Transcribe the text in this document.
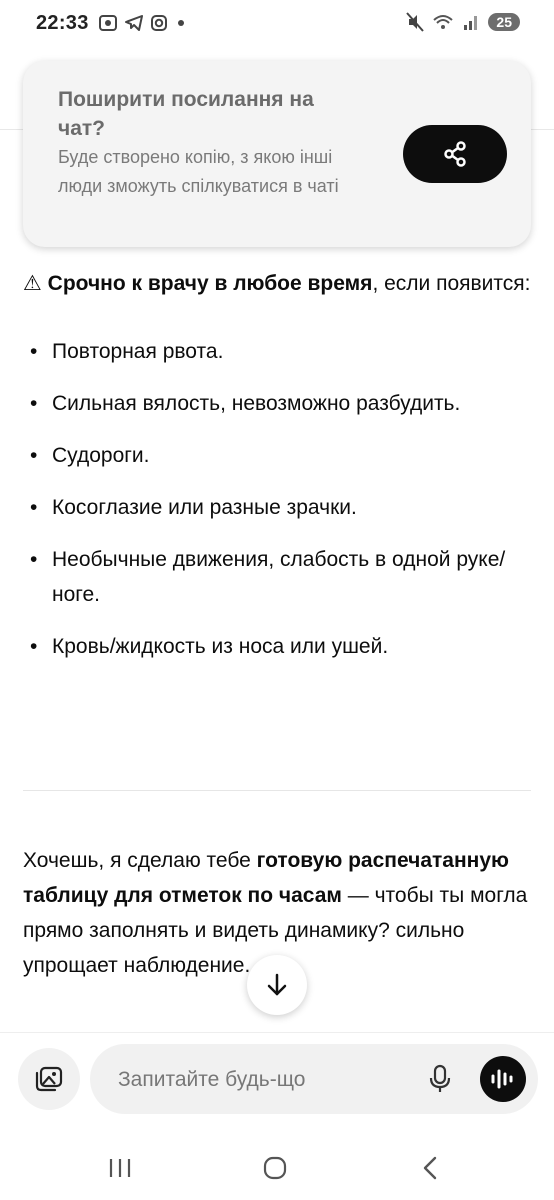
22:33	25
Поширити посилання на чат?
Буде створено копію, з якою інші люди зможуть спілкуватися в чаті

⚠ Срочно к врачу в любое время, если появится:

• Повторная рвота.
• Сильная вялость, невозможно разбудить.
• Судороги.
• Косоглазие или разные зрачки.
• Необычные движения, слабость в одной руке/ноге.
• Кровь/жидкость из носа или ушей.

Хочешь, я сделаю тебе готовую распечатанную таблицу для отметок по часам — чтобы ты могла прямо заполнять и видеть динамику? сильно упрощает наблюдение.

Запитайте будь-що
